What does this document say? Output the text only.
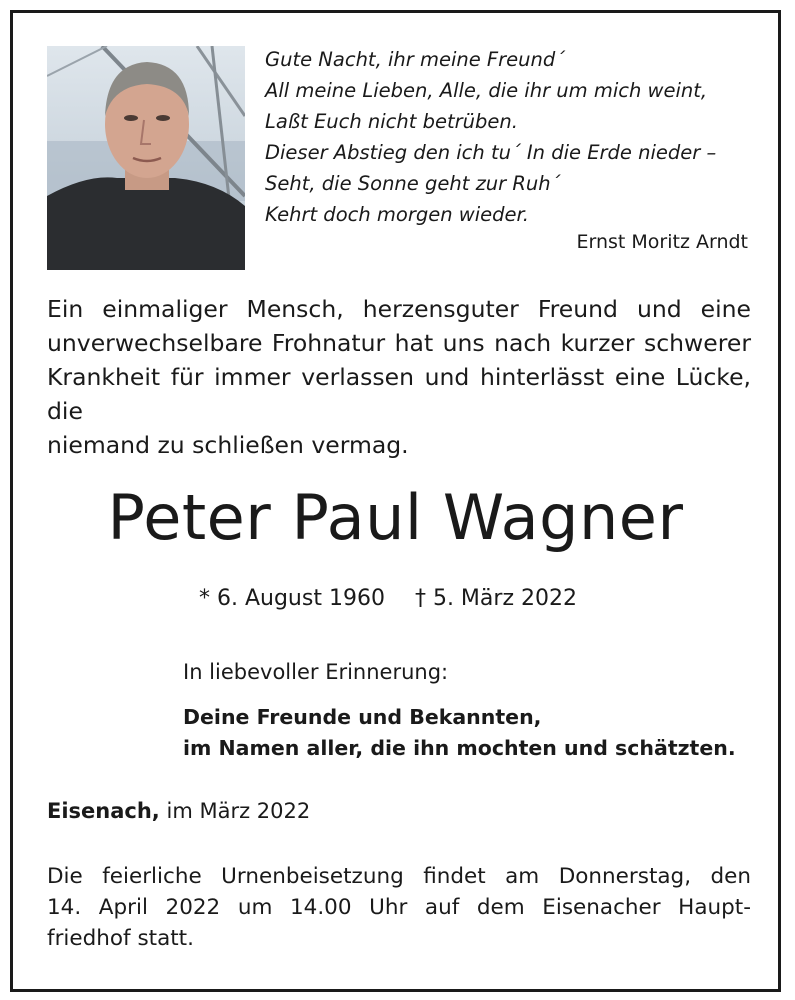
Gute Nacht, ihr meine Freund´
All meine Lieben, Alle, die ihr um mich weint,
Laßt Euch nicht betrüben.
Dieser Abstieg den ich tu´ In die Erde nieder –
Seht, die Sonne geht zur Ruh´
Kehrt doch morgen wieder.
Ernst Moritz Arndt
Ein einmaliger Mensch, herzensguter Freund und eine
unverwechselbare Frohnatur hat uns nach kurzer schwerer
Krankheit für immer verlassen und hinterlässt eine Lücke, die
niemand zu schließen vermag.
Peter Paul Wagner
* 6. August 1960 † 5. März 2022
In liebevoller Erinnerung:
Deine Freunde und Bekannten,
im Namen aller, die ihn mochten und schätzten.
Eisenach, im März 2022
Die feierliche Urnenbeisetzung findet am Donnerstag, den
14. April 2022 um 14.00 Uhr auf dem Eisenacher Haupt-
friedhof statt.
